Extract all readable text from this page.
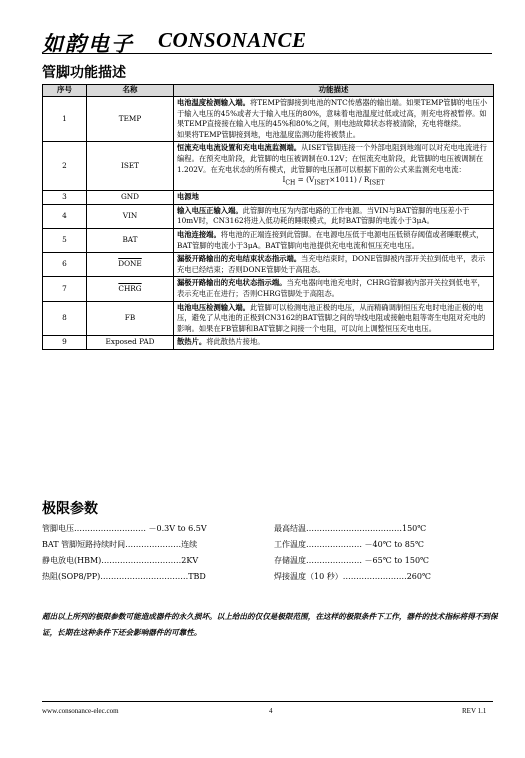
如韵电子 CONSONANCE
管脚功能描述
序号	名称	功能描述
1	TEMP	电池温度检测输入端。将TEMP管脚接到电池的NTC传感器的输出端。如果TEMP管脚的电压小于输入电压的45%或者大于输入电压的80%，意味着电池温度过低或过高，则充电将被暂停。如果TEMP直接接在输入电压的45%和80%之间，则电池故障状态将被清除，充电将继续。
如果将TEMP管脚接到地，电池温度监测功能将被禁止。
2	ISET	恒流充电电流设置和充电电流监测端。从ISET管脚连接一个外部电阻到地端可以对充电电流进行编程。在预充电阶段，此管脚的电压被调制在0.12V；在恒流充电阶段，此管脚的电压被调制在1.202V。在充电状态的所有模式，此管脚的电压都可以根据下面的公式来监测充电电流：
$I_{CH} = (V_{ISET}\times 1011) / R_{ISET}$

3	GND	电源地
4	VIN	输入电压正输入端。此管脚的电压为内部电路的工作电源。当VIN与BAT管脚的电压差小于10mV时，CN3162将进入低功耗的睡眠模式，此时BAT管脚的电流小于3μA。
5	BAT	电池连接端。将电池的正端连接到此管脚。在电源电压低于电源电压低锁存阈值或者睡眠模式，BAT管脚的电流小于3μA。BAT管脚向电池提供充电电流和恒压充电电压。
6	DONE	漏极开路输出的充电结束状态指示端。当充电结束时，DONE管脚被内部开关拉到低电平，表示充电已经结束；否则DONE管脚处于高阻态。
7	CHRG	漏极开路输出的充电状态指示端。当充电器向电池充电时，CHRG管脚被内部开关拉到低电平，表示充电正在进行；否则CHRG管脚处于高阻态。
8	FB	电池电压检测输入端。此管脚可以检测电池正极的电压，从而精确调制恒压充电时电池正极的电压，避免了从电池的正极到CN3162的BAT管脚之间的导线电阻或接触电阻等寄生电阻对充电的影响。如果在FB管脚和BAT管脚之间接一个电阻，可以向上调整恒压充电电压。
9	Exposed PAD	散热片。将此散热片接地。
极限参数
管脚电压……………………… －0.3V to 6.5V
BAT 管脚短路持续时间…………………连续
静电放电(HBM)…………………………2KV
热阻(SOP8/PP)……………………………TBD
最高结温………………………………150℃
工作温度………………… －40℃ to 85℃
存储温度………………… －65℃ to 150℃
焊接温度（10 秒）……………………260℃
超出以上所列的极限参数可能造成器件的永久损坏。以上给出的仅仅是极限范围，在这样的极限条件下工作，器件的技术指标将得不到保证，长期在这种条件下还会影响器件的可靠性。
www.consonance-elec.com	4	REV 1.1
